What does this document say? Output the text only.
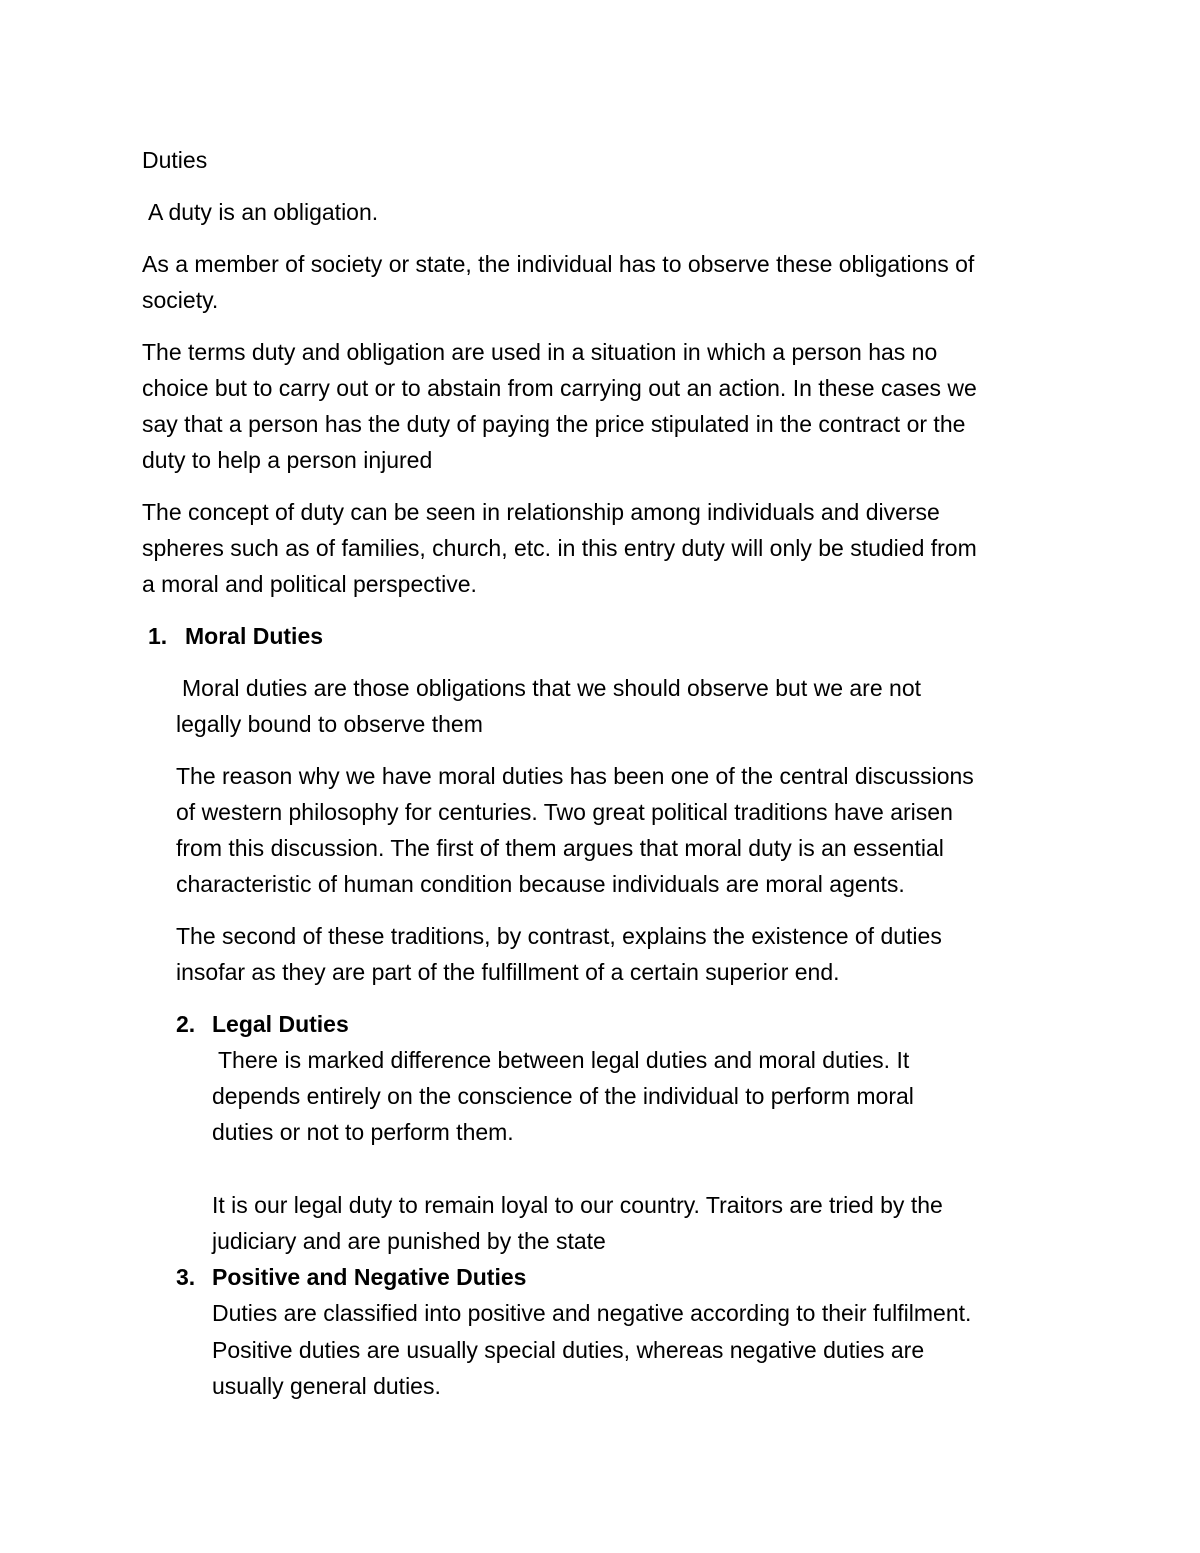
Duties

A duty is an obligation.

As a member of society or state, the individual has to observe these obligations of

society.

The terms duty and obligation are used in a situation in which a person has no

choice but to carry out or to abstain from carrying out an action. In these cases we

say that a person has the duty of paying the price stipulated in the contract or the

duty to help a person injured

The concept of duty can be seen in relationship among individuals and diverse

spheres such as of families, church, etc. in this entry duty will only be studied from

a moral and political perspective.

1. Moral Duties

Moral duties are those obligations that we should observe but we are not

legally bound to observe them

The reason why we have moral duties has been one of the central discussions

of western philosophy for centuries. Two great political traditions have arisen

from this discussion. The first of them argues that moral duty is an essential

characteristic of human condition because individuals are moral agents.

The second of these traditions, by contrast, explains the existence of duties

insofar as they are part of the fulfillment of a certain superior end.

2. Legal Duties

There is marked difference between legal duties and moral duties. It

depends entirely on the conscience of the individual to perform moral

duties or not to perform them.

It is our legal duty to remain loyal to our country. Traitors are tried by the

judiciary and are punished by the state

3. Positive and Negative Duties

Duties are classified into positive and negative according to their fulfilment.

Positive duties are usually special duties, whereas negative duties are

usually general duties.
